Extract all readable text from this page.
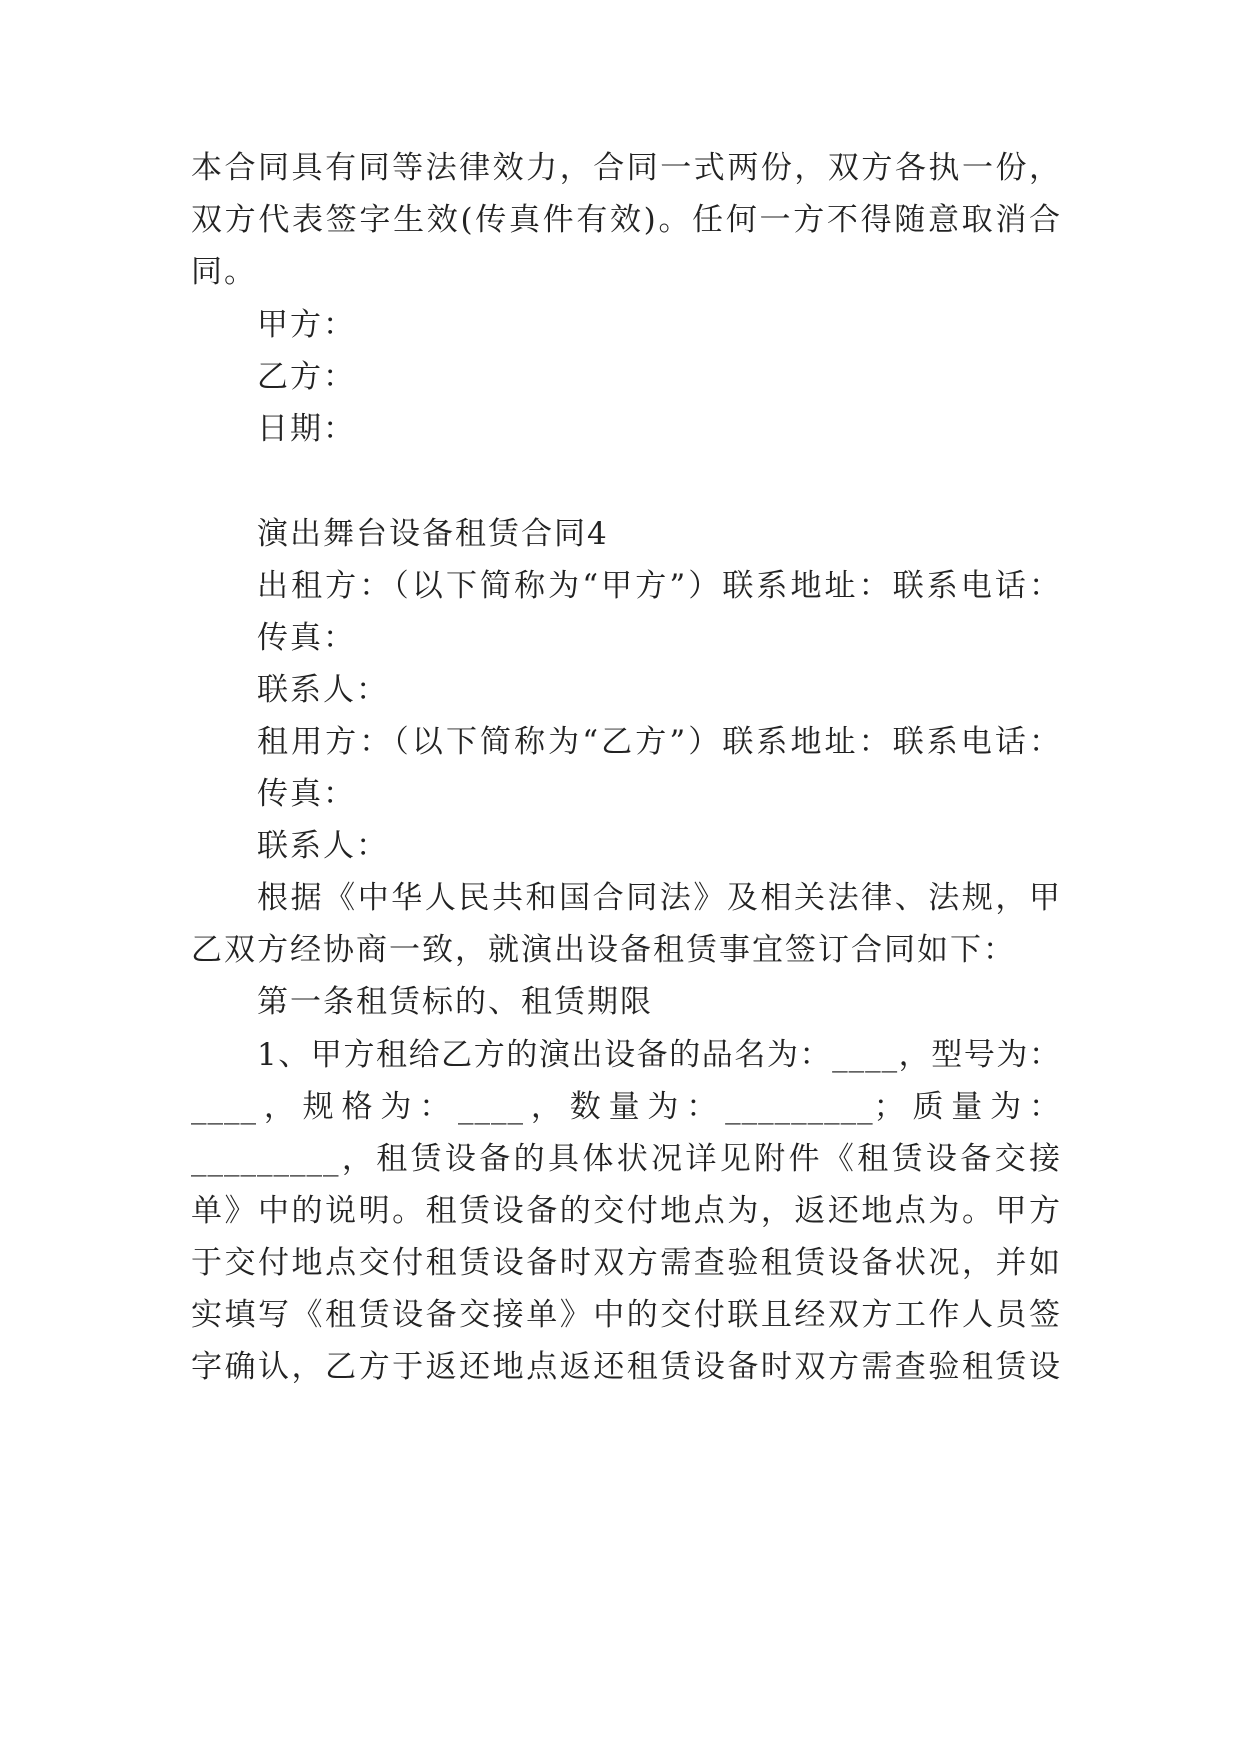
本合同具有同等法律效力，合同一式两份，双方各执一份，
双方代表签字生效(传真件有效)。任何一方不得随意取消合
同。
甲方：
乙方：
日期：
演出舞台设备租赁合同4
出租方：（以下简称为“甲方”）联系地址：联系电话：
传真：
联系人：
租用方：（以下简称为“乙方”）联系地址：联系电话：
传真：
联系人：
根据《中华人民共和国合同法》及相关法律、法规，甲
乙双方经协商一致，就演出设备租赁事宜签订合同如下：
第一条租赁标的、租赁期限
1、甲方租给乙方的演出设备的品名为：____，型号为：
____，规格为：____，数量为：_________；质量为：
_________，租赁设备的具体状况详见附件《租赁设备交接
单》中的说明。租赁设备的交付地点为，返还地点为。甲方
于交付地点交付租赁设备时双方需查验租赁设备状况，并如
实填写《租赁设备交接单》中的交付联且经双方工作人员签
字确认，乙方于返还地点返还租赁设备时双方需查验租赁设
